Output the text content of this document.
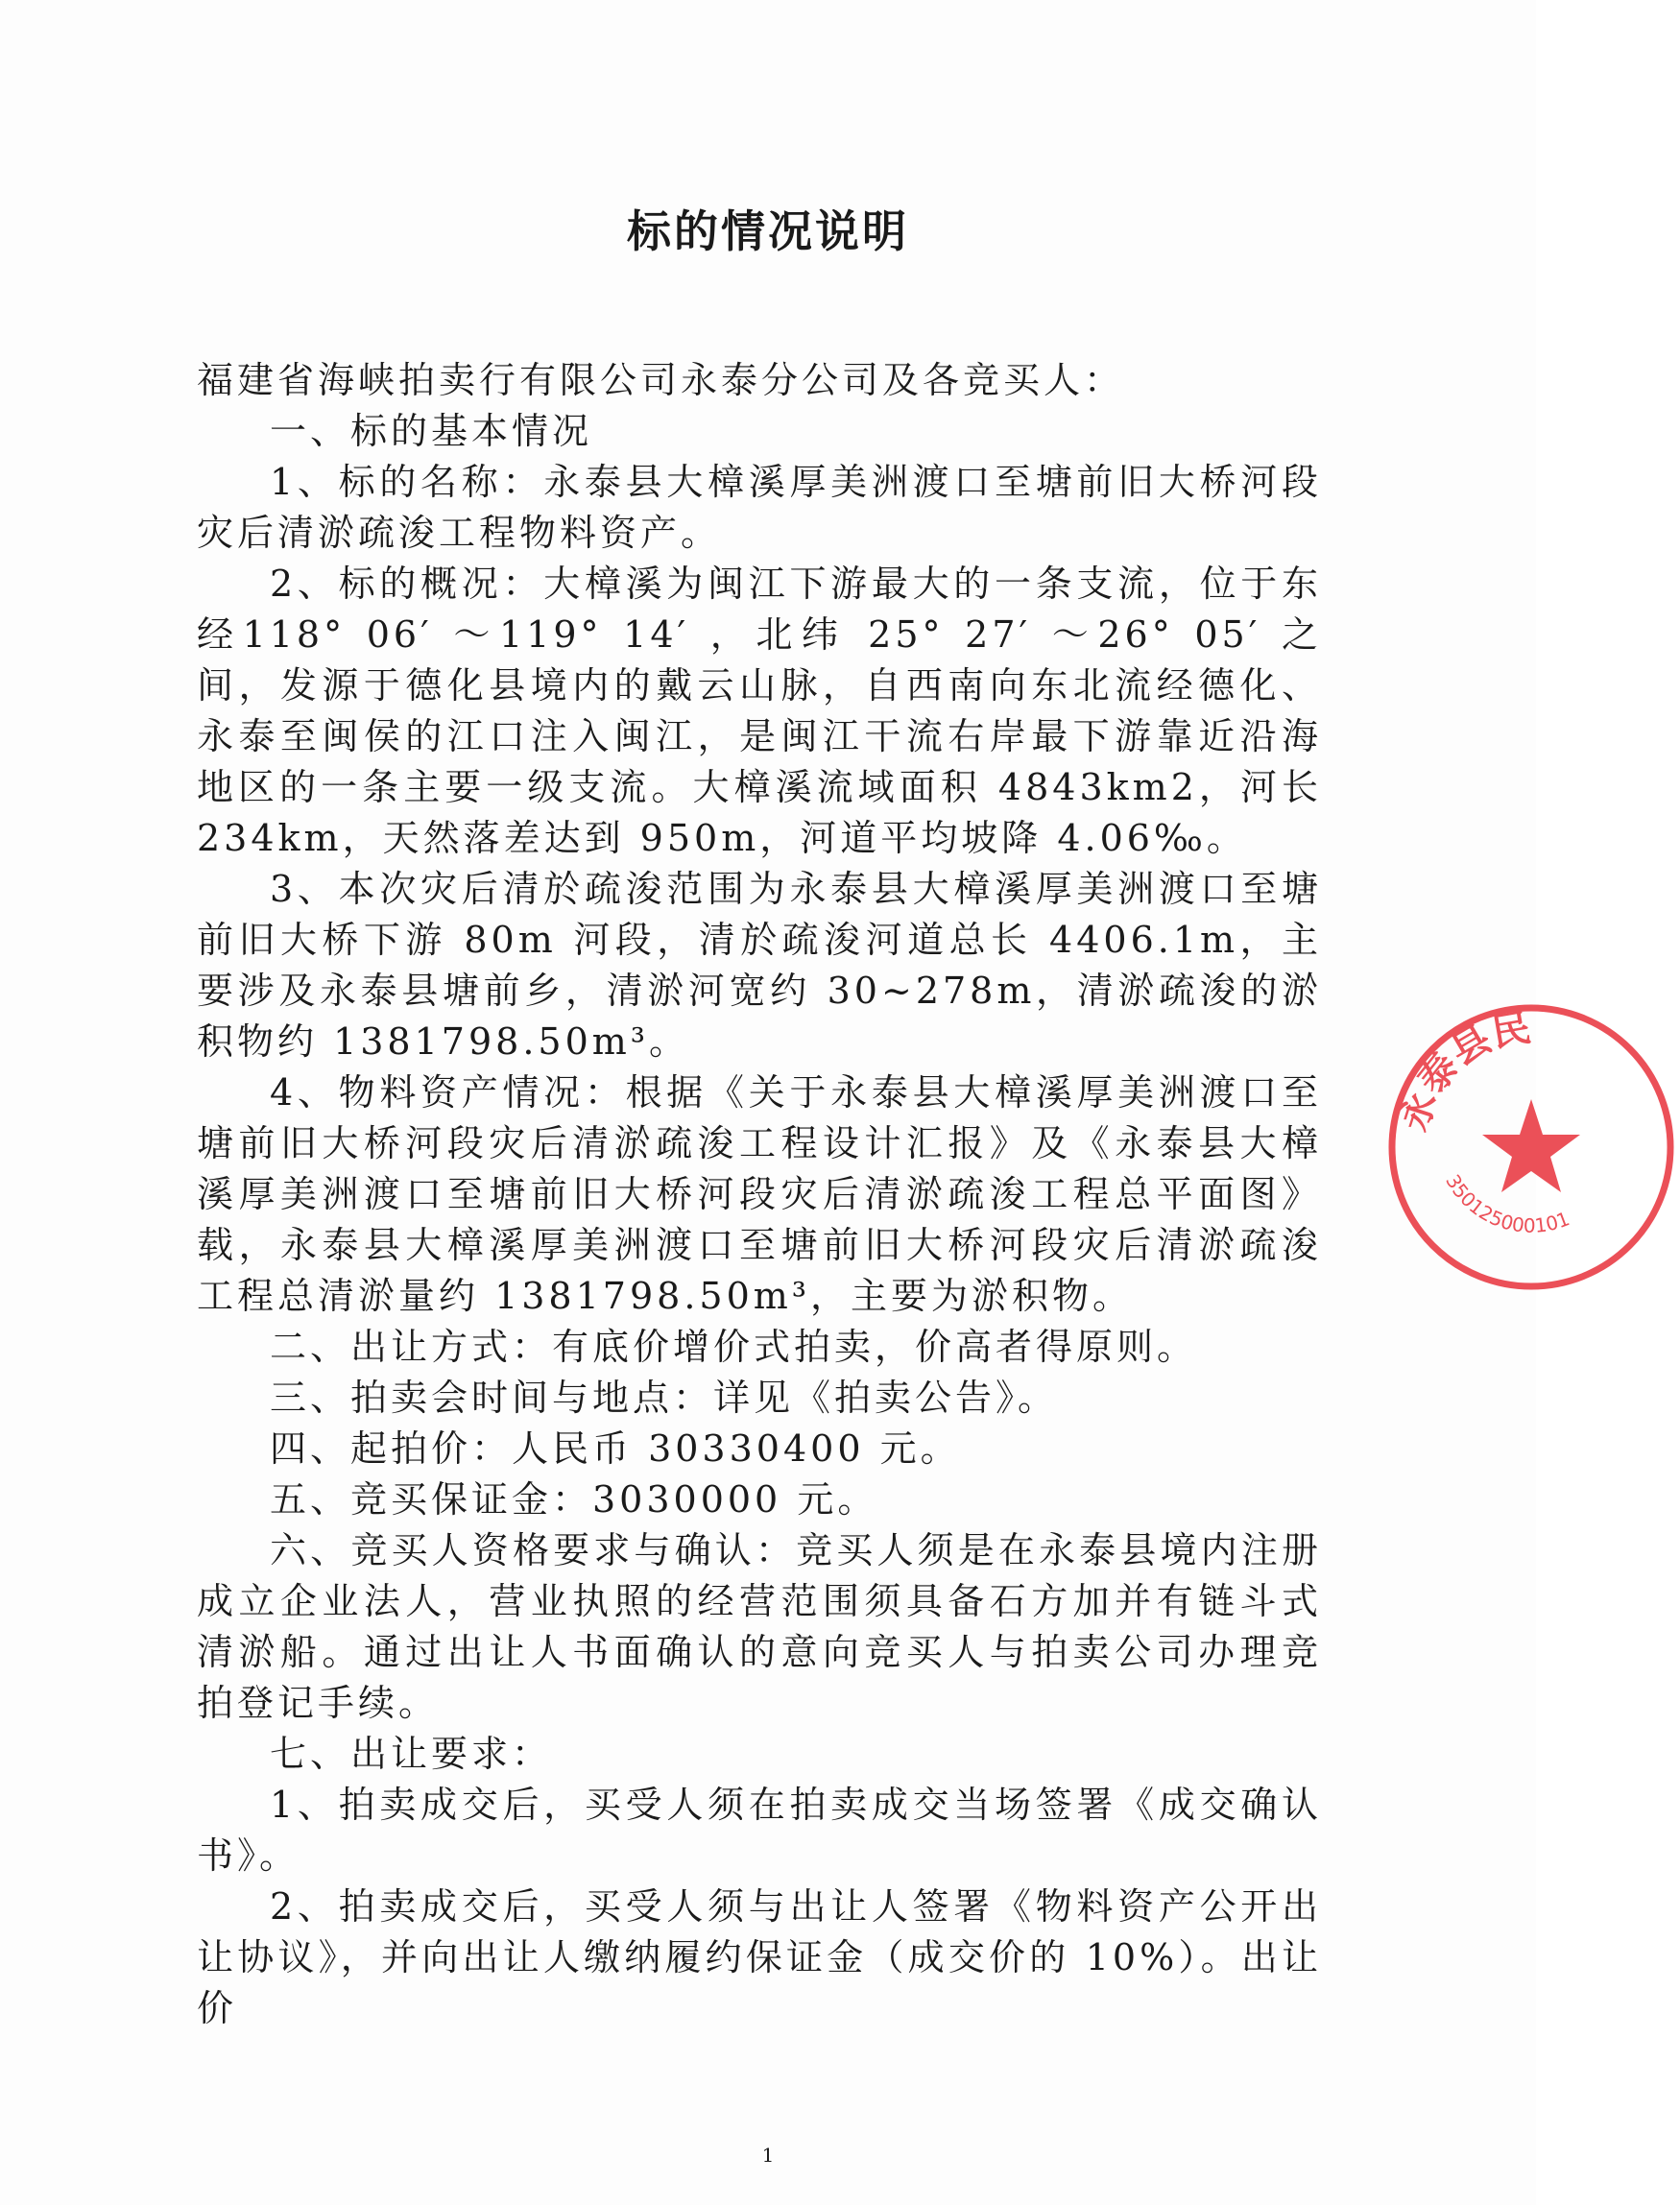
标的情况说明

福建省海峡拍卖行有限公司永泰分公司及各竞买人：

一、标的基本情况

1、标的名称：永泰县大樟溪厚美洲渡口至塘前旧大桥河段灾后清淤疏浚工程物料资产。

2、标的概况：大樟溪为闽江下游最大的一条支流，位于东经118° 06′ ～119° 14′ ，北纬 25° 27′ ～26° 05′ 之间，发源于德化县境内的戴云山脉，自西南向东北流经德化、永泰至闽侯的江口注入闽江，是闽江干流右岸最下游靠近沿海地区的一条主要一级支流。大樟溪流域面积 4843km2，河长 234km，天然落差达到 950m，河道平均坡降 4.06‰。

3、本次灾后清於疏浚范围为永泰县大樟溪厚美洲渡口至塘前旧大桥下游 80m 河段，清於疏浚河道总长 4406.1m，主要涉及永泰县塘前乡，清淤河宽约 30~278m，清淤疏浚的淤积物约 1381798.50m³。

4、物料资产情况：根据《关于永泰县大樟溪厚美洲渡口至塘前旧大桥河段灾后清淤疏浚工程设计汇报》及《永泰县大樟溪厚美洲渡口至塘前旧大桥河段灾后清淤疏浚工程总平面图》载，永泰县大樟溪厚美洲渡口至塘前旧大桥河段灾后清淤疏浚工程总清淤量约 1381798.50m³，主要为淤积物。

二、出让方式：有底价增价式拍卖，价高者得原则。

三、拍卖会时间与地点：详见《拍卖公告》。

四、起拍价：人民币 30330400 元。

五、竞买保证金：3030000 元。

六、竞买人资格要求与确认：竞买人须是在永泰县境内注册成立企业法人，营业执照的经营范围须具备石方加并有链斗式清淤船。通过出让人书面确认的意向竞买人与拍卖公司办理竞拍登记手续。

七、出让要求：

1、拍卖成交后，买受人须在拍卖成交当场签署《成交确认书》。

2、拍卖成交后，买受人须与出让人签署《物料资产公开出让协议》，并向出让人缴纳履约保证金（成交价的 10%）。出让价

永泰县民
350125000101
1
